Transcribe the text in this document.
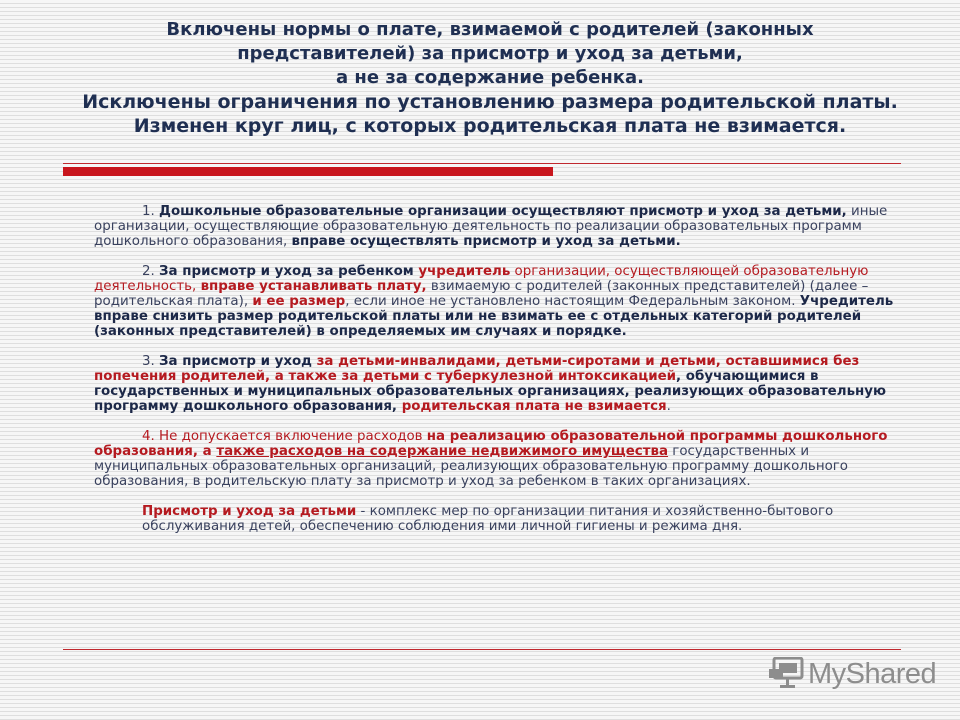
Включены нормы о плате, взимаемой с родителей (законных
представителей) за присмотр и уход за детьми,
а не за содержание ребенка.
Исключены ограничения по установлению размера родительской платы.
Изменен круг лиц, с которых родительская плата не взимается.

1. Дошкольные образовательные организации осуществляют присмотр и уход за детьми, иные организации, осуществляющие образовательную деятельность по реализации образовательных программ дошкольного образования, вправе осуществлять присмотр и уход за детьми.

2. За присмотр и уход за ребенком учредитель организации, осуществляющей образовательную деятельность, вправе устанавливать плату, взимаемую с родителей (законных представителей) (далее – родительская плата), и ее размер, если иное не установлено настоящим Федеральным законом. Учредитель вправе снизить размер родительской платы или не взимать ее с отдельных категорий родителей (законных представителей) в определяемых им случаях и порядке.

3. За присмотр и уход за детьми-инвалидами, детьми-сиротами и детьми, оставшимися без попечения родителей, а также за детьми с туберкулезной интоксикацией, обучающимися в государственных и муниципальных образовательных организациях, реализующих образовательную программу дошкольного образования, родительская плата не взимается.

4. Не допускается включение расходов на реализацию образовательной программы дошкольного образования, а также расходов на содержание недвижимого имущества государственных и муниципальных образовательных организаций, реализующих образовательную программу дошкольного образования, в родительскую плату за присмотр и уход за ребенком в таких организациях.

Присмотр и уход за детьми - комплекс мер по организации питания и хозяйственно-бытового обслуживания детей, обеспечению соблюдения ими личной гигиены и режима дня.

MyShared
